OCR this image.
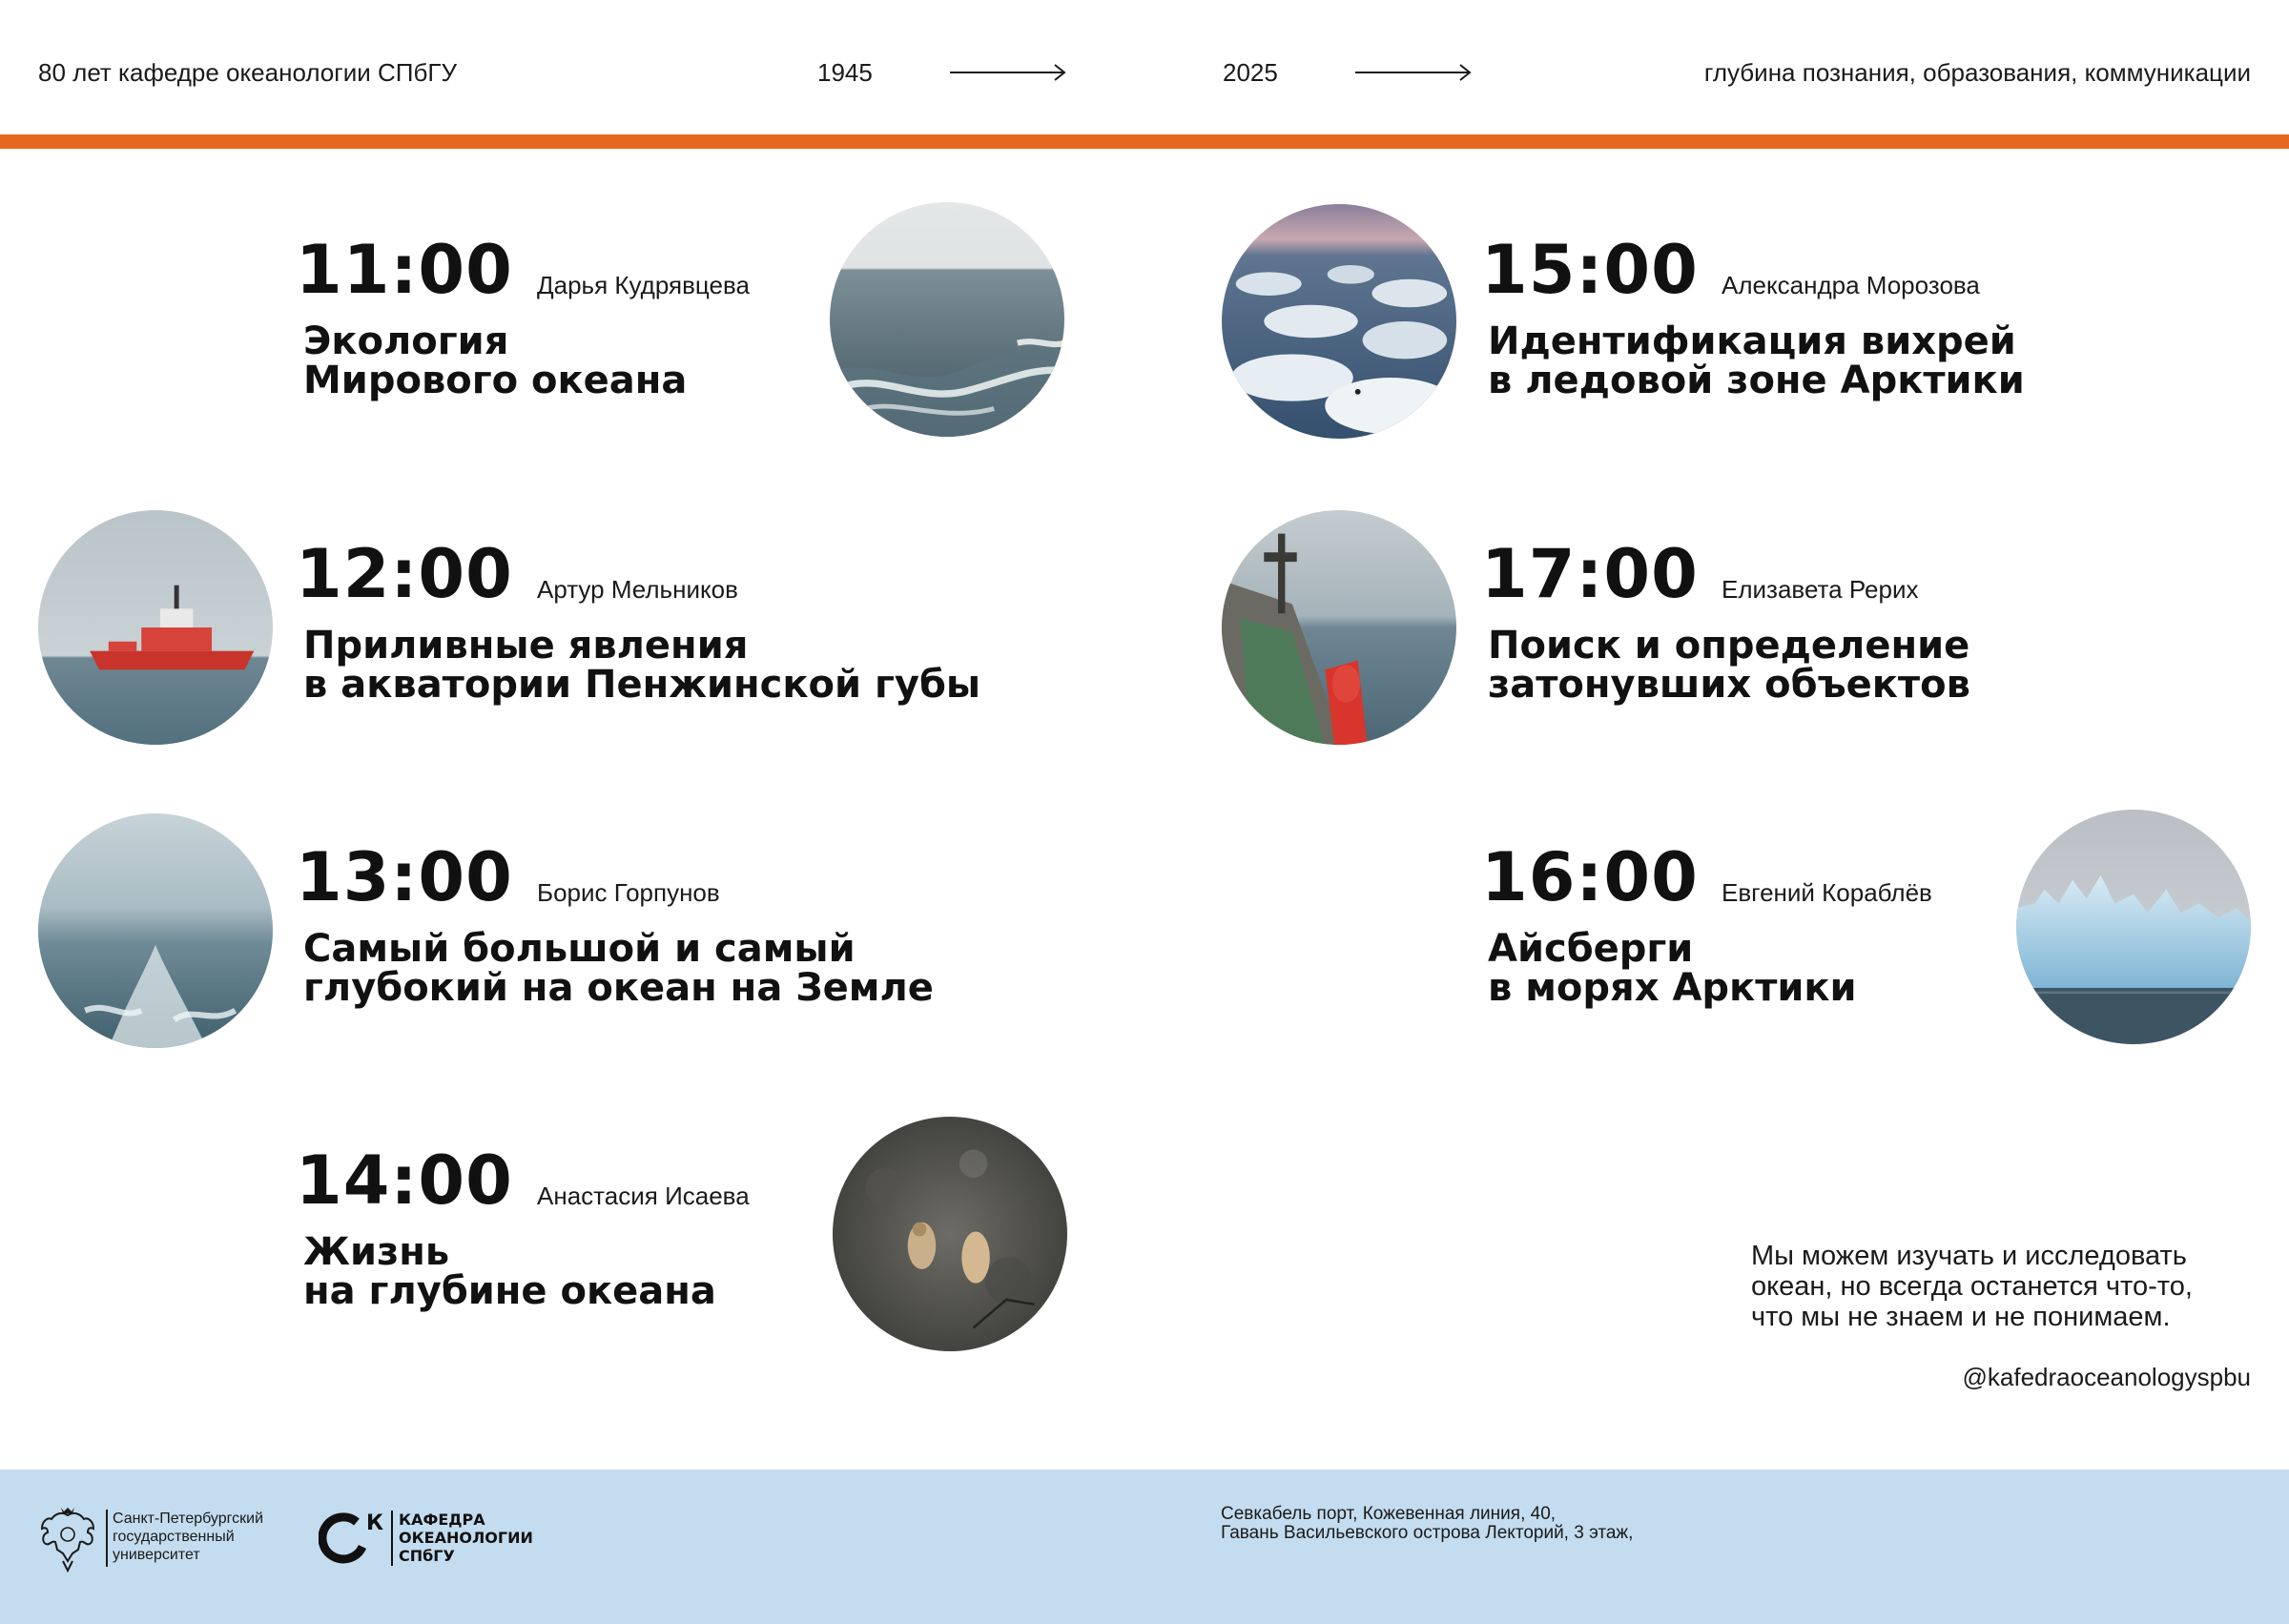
80 лет кафедре океанологии СПбГУ	1945	2025	глубина познания, образования, коммуникации
11:00 Дарья Кудрявцева
Экология
Мирового океана
12:00 Артур Мельников
Приливные явления
в акватории Пенжинской губы
13:00 Борис Горпунов
Самый большой и самый
глубокий на океан на Земле
14:00 Анастасия Исаева
Жизнь
на глубине океана
15:00 Александра Морозова
Идентификация вихрей
в ледовой зоне Арктики
17:00 Елизавета Рерих
Поиск и определение
затонувших объектов
16:00 Евгений Кораблёв
Айсберги
в морях Арктики
Мы можем изучать и исследовать
океан, но всегда останется что-то,
что мы не знаем и не понимаем.
@kafedraoceanologyspbu
Санкт-Петербургский
государственный
университет
К КАФЕДРА
ОКЕАНОЛОГИИ
СПбГУ
Севкабель порт, Кожевенная линия, 40,
Гавань Васильевского острова Лекторий, 3 этаж,
